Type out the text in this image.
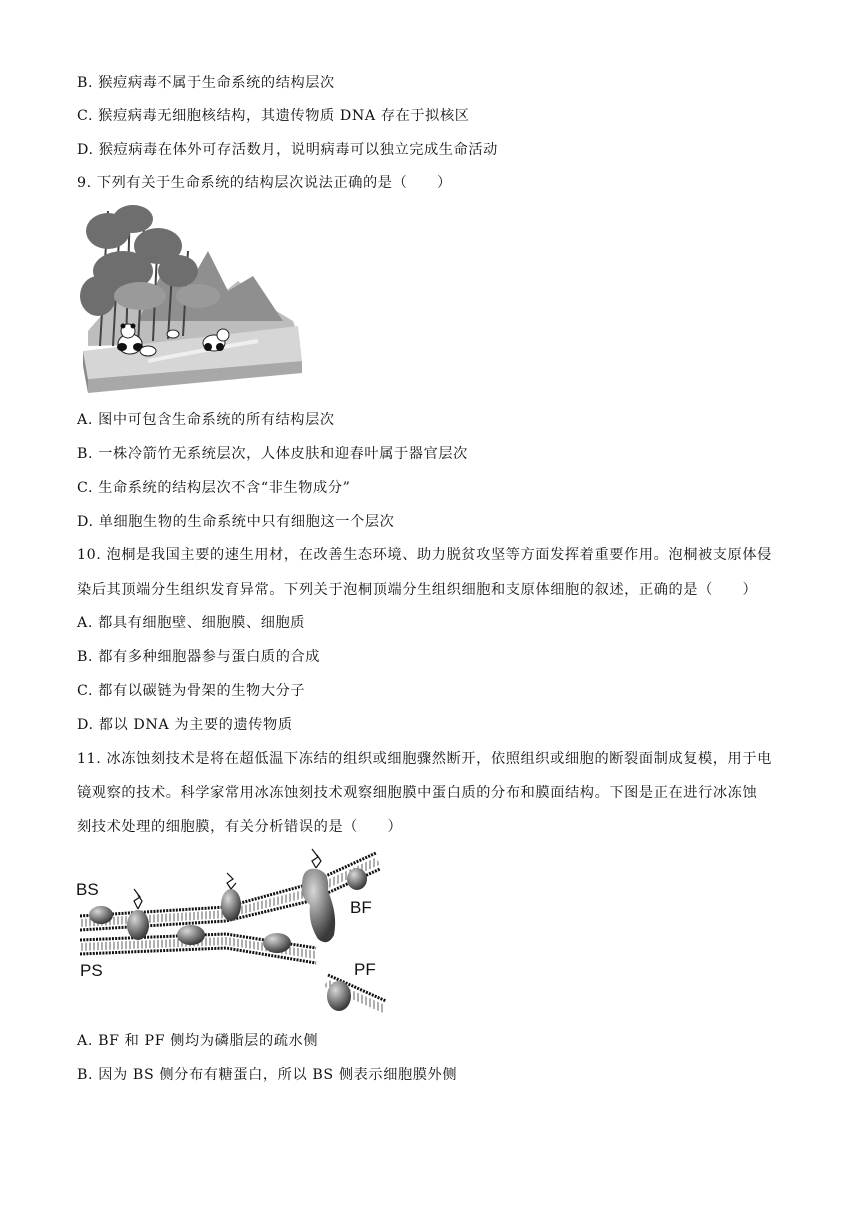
B. 猴痘病毒不属于生命系统的结构层次
C. 猴痘病毒无细胞核结构，其遗传物质 DNA 存在于拟核区
D. 猴痘病毒在体外可存活数月，说明病毒可以独立完成生命活动
9. 下列有关于生命系统的结构层次说法正确的是（　　）
A. 图中可包含生命系统的所有结构层次
B. 一株冷箭竹无系统层次，人体皮肤和迎春叶属于器官层次
C. 生命系统的结构层次不含“非生物成分”
D. 单细胞生物的生命系统中只有细胞这一个层次
10. 泡桐是我国主要的速生用材，在改善生态环境、助力脱贫攻坚等方面发挥着重要作用。泡桐被支原体侵
染后其顶端分生组织发育异常。下列关于泡桐顶端分生组织细胞和支原体细胞的叙述，正确的是（　　）
A. 都具有细胞壁、细胞膜、细胞质
B. 都有多种细胞器参与蛋白质的合成
C. 都有以碳链为骨架的生物大分子
D. 都以 DNA 为主要的遗传物质
11. 冰冻蚀刻技术是将在超低温下冻结的组织或细胞骤然断开，依照组织或细胞的断裂面制成复模，用于电
镜观察的技术。科学家常用冰冻蚀刻技术观察细胞膜中蛋白质的分布和膜面结构。下图是正在进行冰冻蚀
刻技术处理的细胞膜，有关分析错误的是（　　）
BS
BF
PS	PF
A. BF 和 PF 侧均为磷脂层的疏水侧
B. 因为 BS 侧分布有糖蛋白，所以 BS 侧表示细胞膜外侧
